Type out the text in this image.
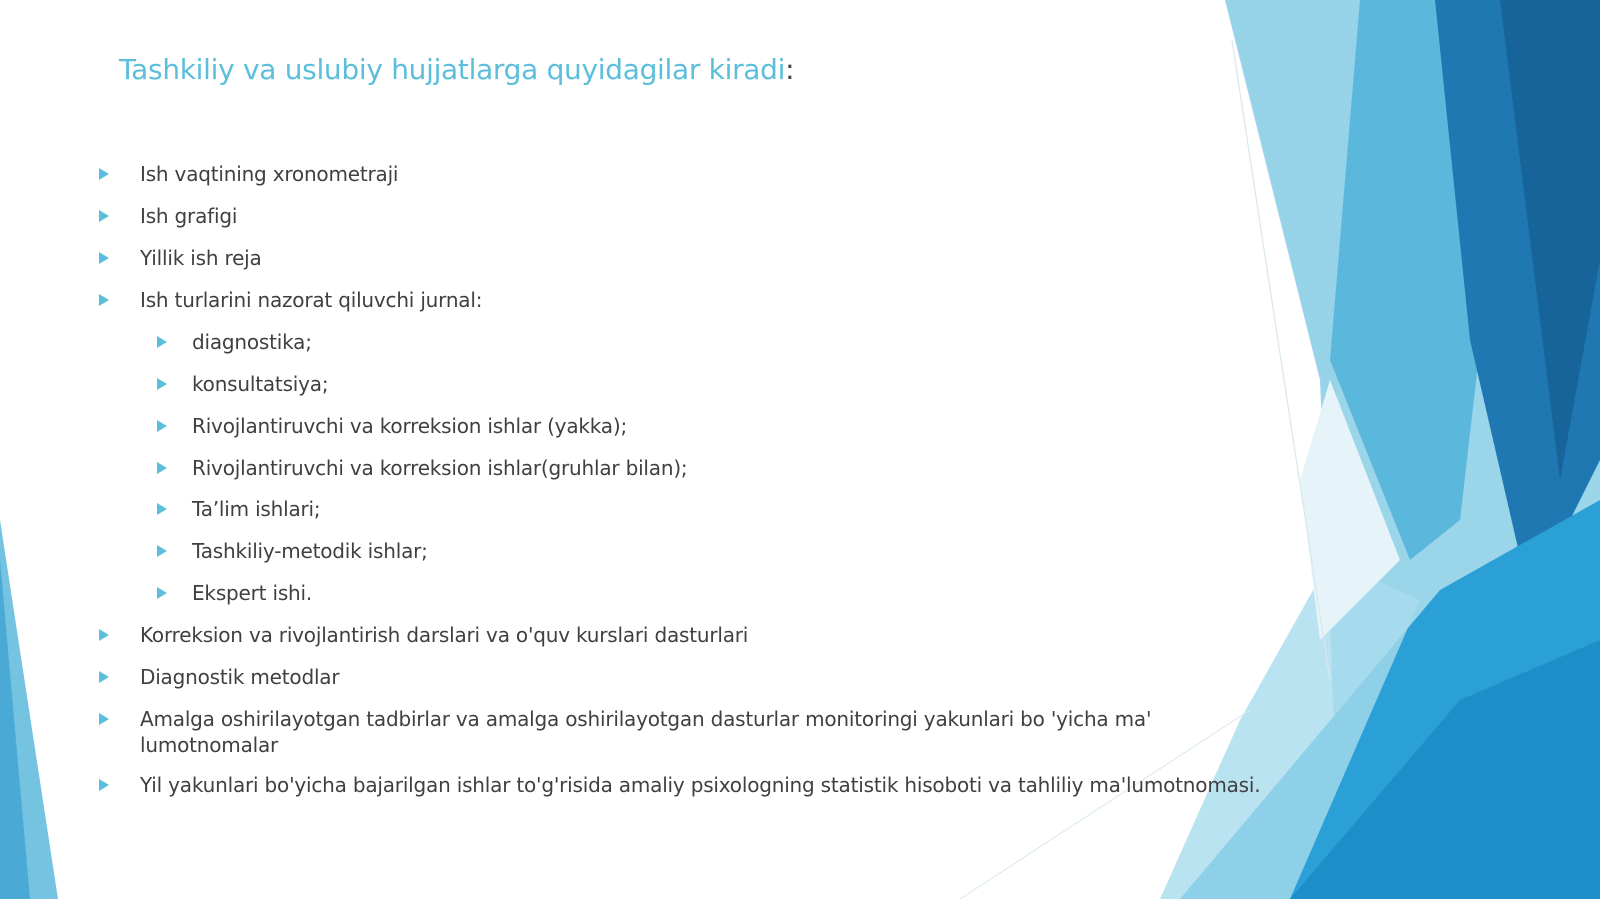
Tashkiliy va uslubiy hujjatlarga quyidagilar kiradi:
Ish vaqtining xronometraji
Ish grafigi
Yillik ish reja
Ish turlarini nazorat qiluvchi jurnal:
diagnostika;
konsultatsiya;
Rivojlantiruvchi va korreksion ishlar (yakka);
Rivojlantiruvchi va korreksion ishlar(gruhlar bilan);
Ta’lim ishlari;
Tashkiliy-metodik ishlar;
Ekspert ishi.
Korreksion va rivojlantirish darslari va o'quv kurslari dasturlari
Diagnostik metodlar
Amalga oshirilayotgan tadbirlar va amalga oshirilayotgan dasturlar monitoringi yakunlari bo 'yicha ma' lumotnomalar
Yil yakunlari bo'yicha bajarilgan ishlar to'g'risida amaliy psixologning statistik hisoboti va tahliliy ma'lumotnomasi.
